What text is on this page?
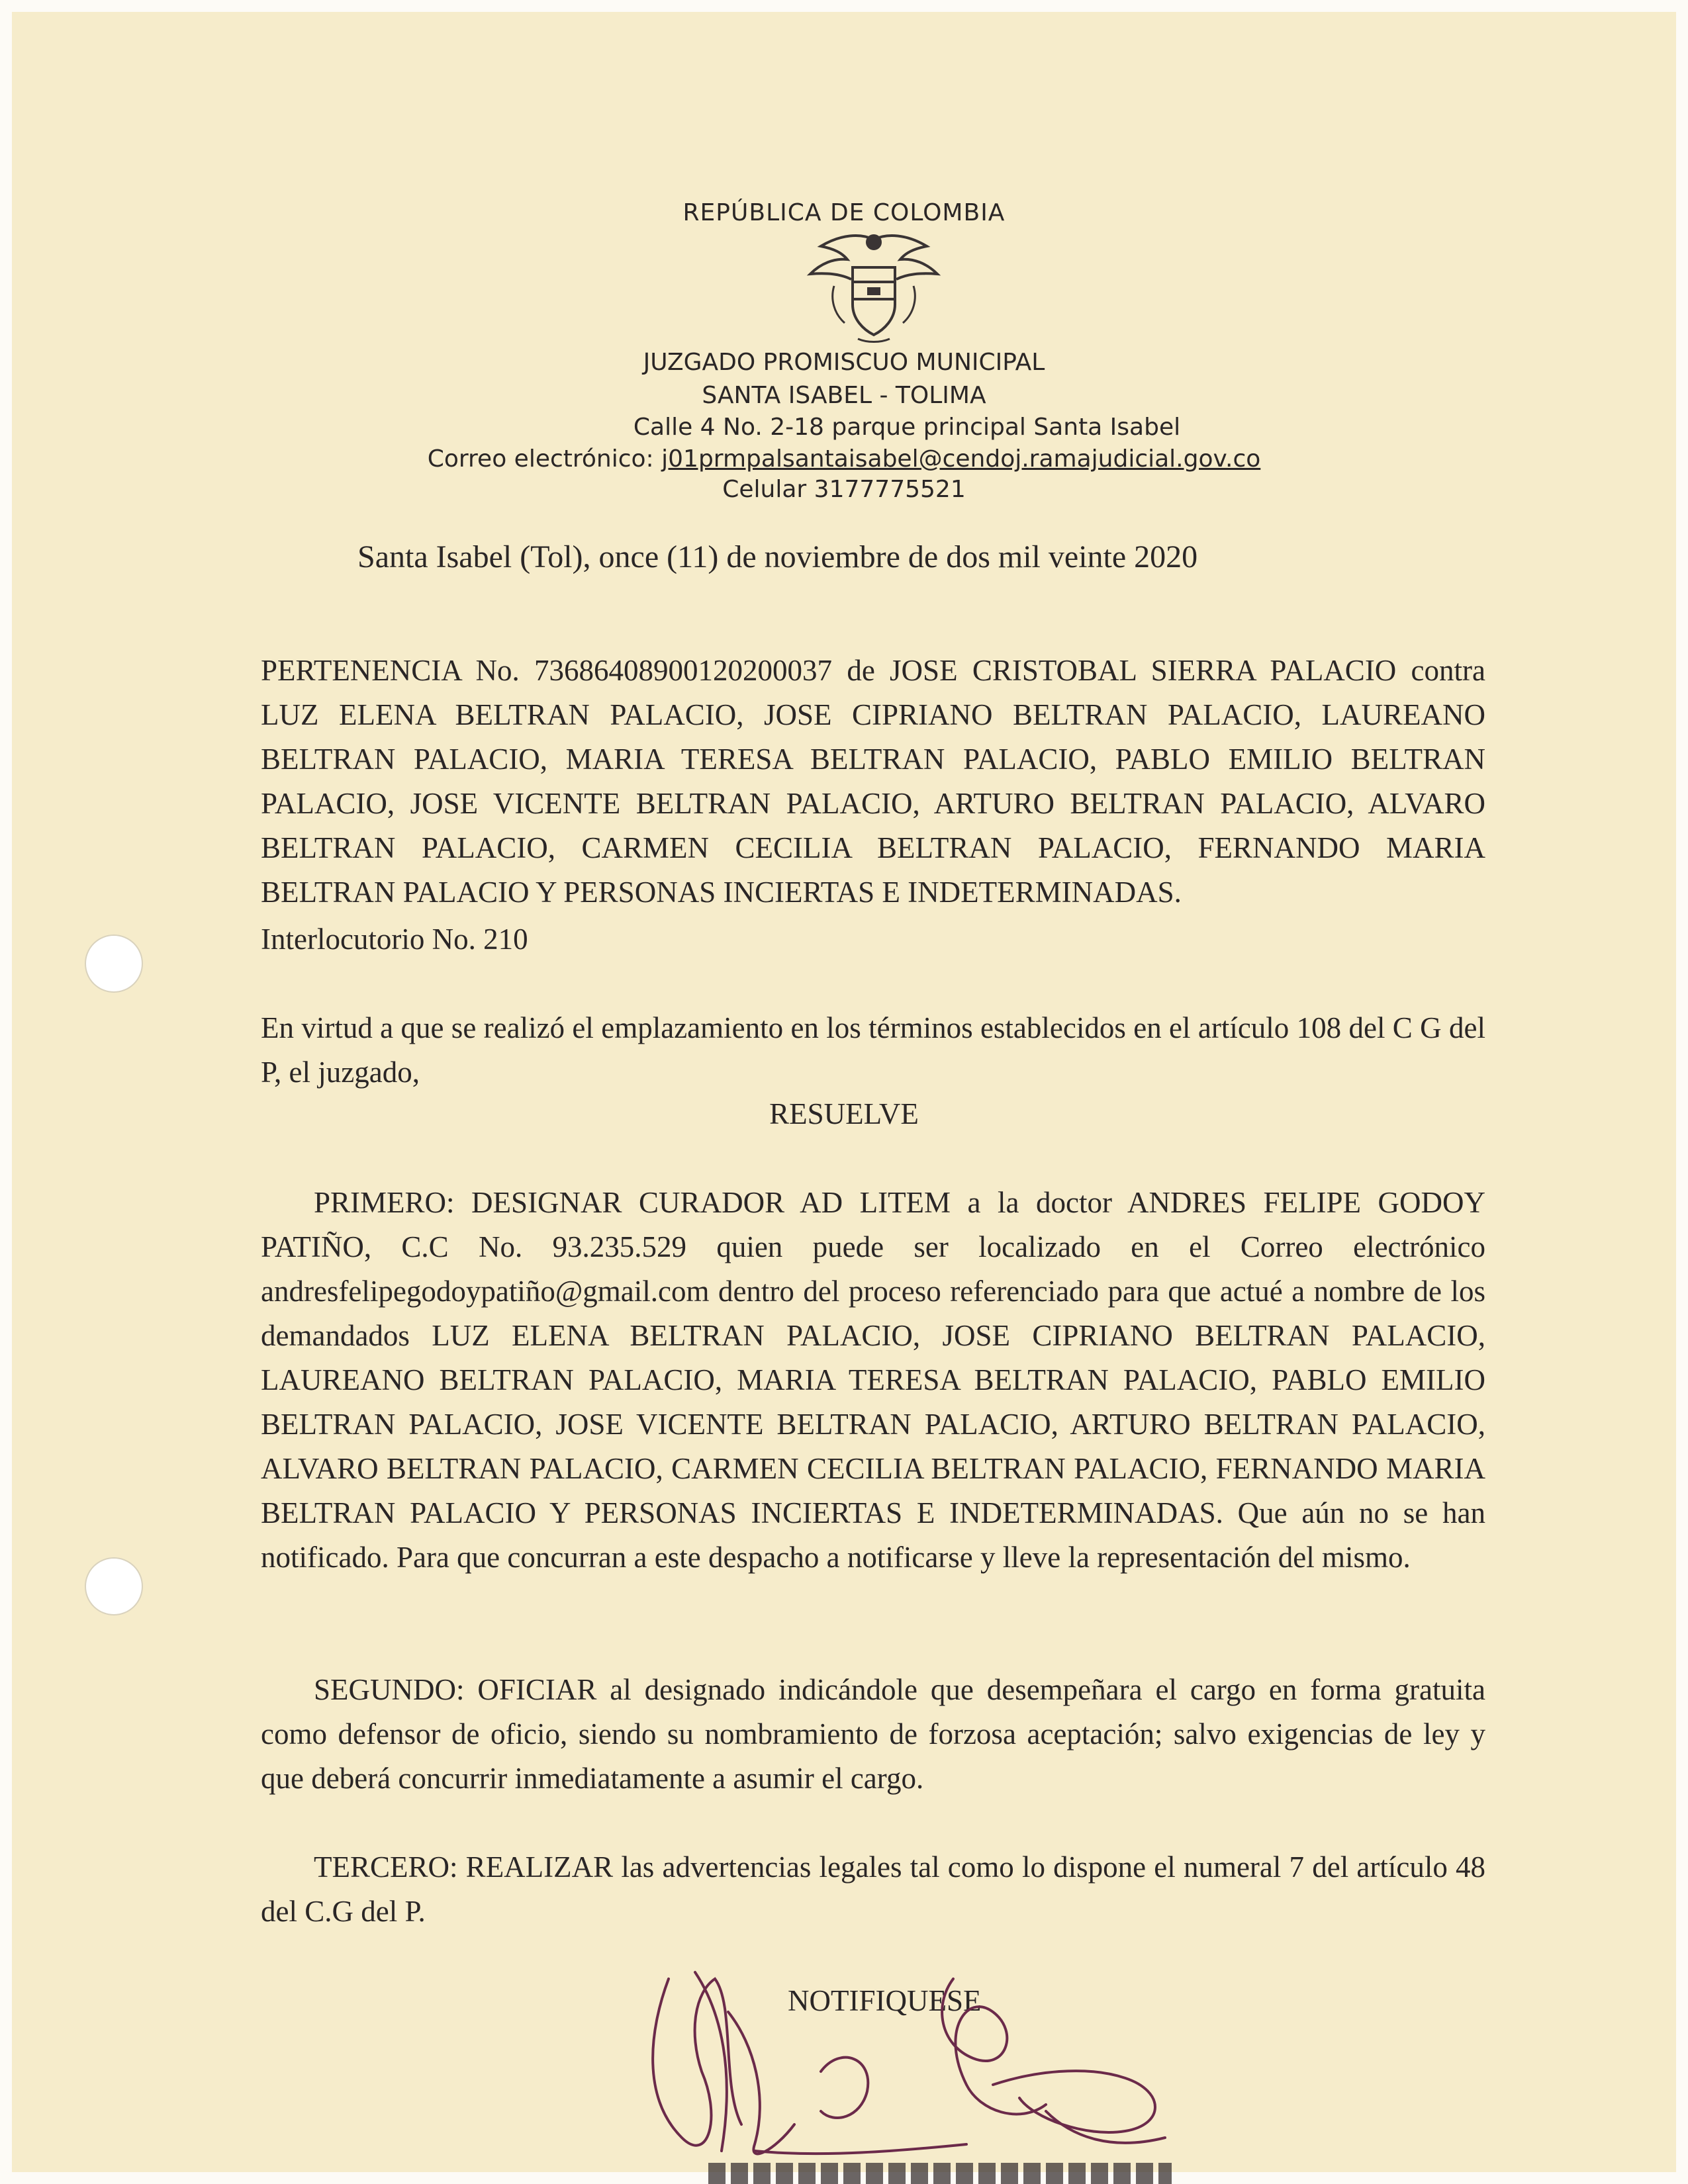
REPÚBLICA DE COLOMBIA
JUZGADO PROMISCUO MUNICIPAL
SANTA ISABEL - TOLIMA
Calle 4 No. 2-18 parque principal Santa Isabel
Correo electrónico: j01prmpalsantaisabel@cendoj.ramajudicial.gov.co
Celular 3177775521
Santa Isabel (Tol), once (11) de noviembre de dos mil veinte 2020

PERTENENCIA No. 73686408900120200037 de JOSE CRISTOBAL SIERRA PALACIO contra LUZ ELENA BELTRAN PALACIO, JOSE CIPRIANO BELTRAN PALACIO, LAUREANO BELTRAN PALACIO, MARIA TERESA BELTRAN PALACIO, PABLO EMILIO BELTRAN PALACIO, JOSE VICENTE BELTRAN PALACIO, ARTURO BELTRAN PALACIO, ALVARO BELTRAN PALACIO, CARMEN CECILIA BELTRAN PALACIO, FERNANDO MARIA BELTRAN PALACIO Y PERSONAS INCIERTAS E INDETERMINADAS.

Interlocutorio No. 210

En virtud a que se realizó el emplazamiento en los términos establecidos en el artículo 108 del C G del P, el juzgado,

RESUELVE

PRIMERO: DESIGNAR CURADOR AD LITEM a la doctor ANDRES FELIPE GODOY PATIÑO, C.C No. 93.235.529 quien puede ser localizado en el Correo electrónico andresfelipegodoypatiño@gmail.com dentro del proceso referenciado para que actué a nombre de los demandados LUZ ELENA BELTRAN PALACIO, JOSE CIPRIANO BELTRAN PALACIO, LAUREANO BELTRAN PALACIO, MARIA TERESA BELTRAN PALACIO, PABLO EMILIO BELTRAN PALACIO, JOSE VICENTE BELTRAN PALACIO, ARTURO BELTRAN PALACIO, ALVARO BELTRAN PALACIO, CARMEN CECILIA BELTRAN PALACIO, FERNANDO MARIA BELTRAN PALACIO Y PERSONAS INCIERTAS E INDETERMINADAS. Que aún no se han notificado. Para que concurran a este despacho a notificarse y lleve la representación del mismo.

SEGUNDO: OFICIAR al designado indicándole que desempeñara el cargo en forma gratuita como defensor de oficio, siendo su nombramiento de forzosa aceptación; salvo exigencias de ley y que deberá concurrir inmediatamente a asumir el cargo.

TERCERO: REALIZAR las advertencias legales tal como lo dispone el numeral 7 del artículo 48 del C.G del P.

NOTIFIQUESE
